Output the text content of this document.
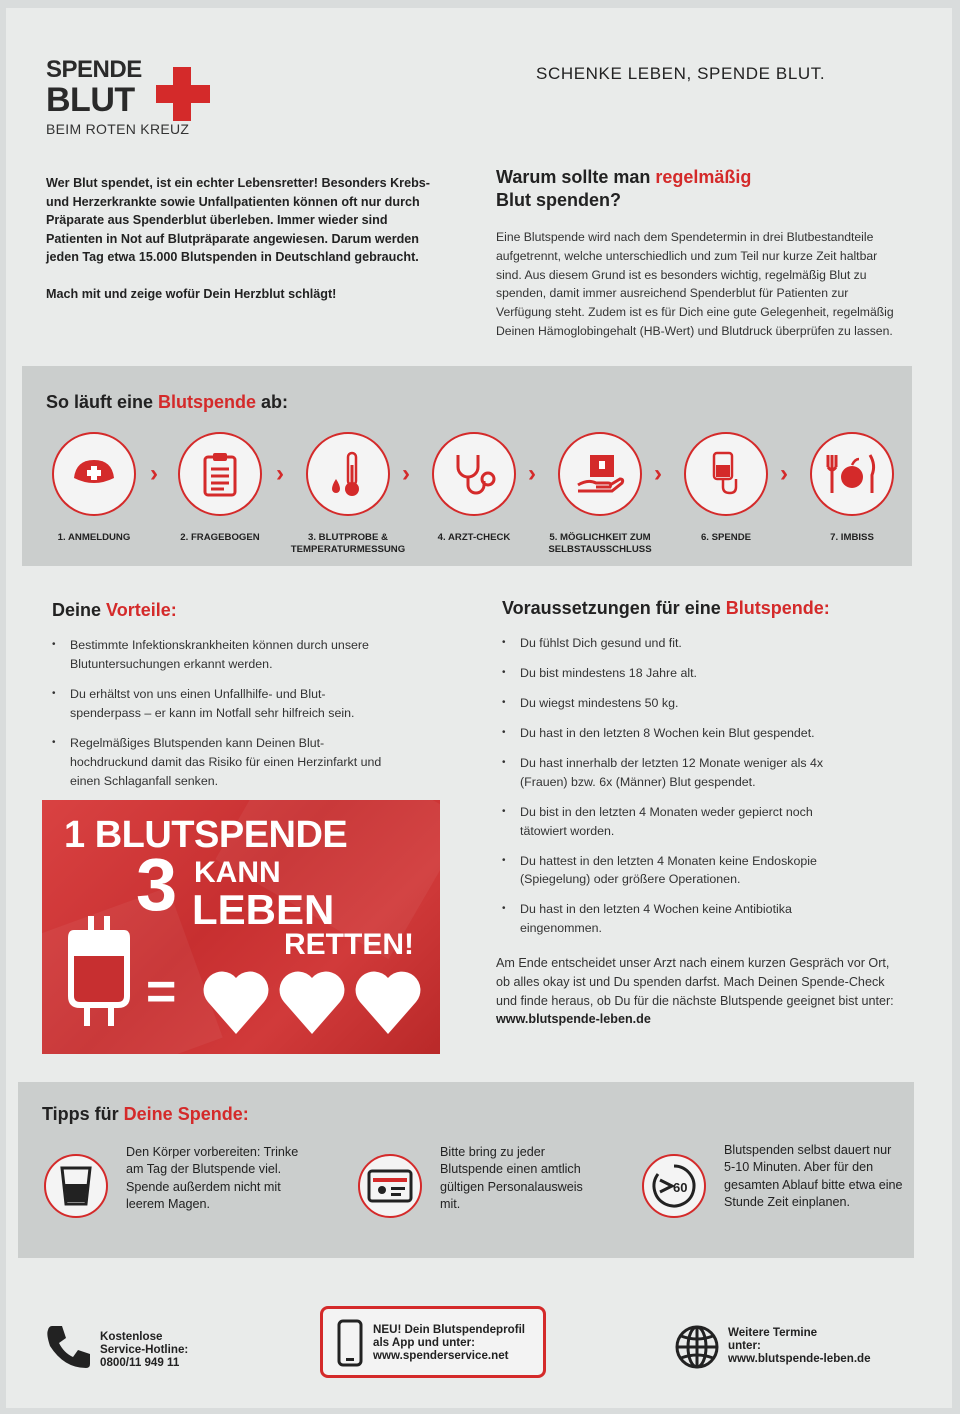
SPENDE
BLUT
BEIM ROTEN KREUZ
SCHENKE LEBEN, SPENDE BLUT.

Wer Blut spendet, ist ein echter Lebensretter! Besonders Krebs- und Herzerkrankte sowie Unfallpatienten können oft nur durch Präparate aus Spenderblut überleben. Immer wieder sind Patienten in Not auf Blutpräparate angewiesen. Darum werden jeden Tag etwa 15.000 Blutspenden in Deutschland gebraucht.

Mach mit und zeige wofür Dein Herzblut schlägt!

Warum sollte man regelmäßig
Blut spenden?
Eine Blutspende wird nach dem Spendetermin in drei Blutbestandteile aufgetrennt, welche unterschiedlich und zum Teil nur kurze Zeit haltbar sind. Aus diesem Grund ist es besonders wichtig, regelmäßig Blut zu spenden, damit immer ausreichend Spenderblut für Patienten zur Verfügung steht. Zudem ist es für Dich eine gute Gelegenheit, regelmäßig Deinen Hämoglobingehalt (HB-Wert) und Blutdruck überprüfen zu lassen.
So läuft eine Blutspende ab:
1. ANMELDUNG
›
2. FRAGEBOGEN
›
3. BLUTPROBE & TEMPERATURMESSUNG
›
4. ARZT-CHECK
›
5. MÖGLICHKEIT ZUM SELBSTAUSSCHLUSS
›
6. SPENDE
›
7. IMBISS
Deine Vorteile:
• Bestimmte Infektionskrankheiten können durch unsere Blutuntersuchungen erkannt werden.
• Du erhältst von uns einen Unfallhilfe- und Blutspenderpass – er kann im Notfall sehr hilfreich sein.
• Regelmäßiges Blutspenden kann Deinen Bluthochdruckund damit das Risiko für einen Herzinfarkt und einen Schlaganfall senken.
Voraussetzungen für eine Blutspende:
• Du fühlst Dich gesund und fit.
• Du bist mindestens 18 Jahre alt.
• Du wiegst mindestens 50 kg.
• Du hast in den letzten 8 Wochen kein Blut gespendet.
• Du hast innerhalb der letzten 12 Monate weniger als 4x (Frauen) bzw. 6x (Männer) Blut gespendet.
• Du bist in den letzten 4 Monaten weder gepierct noch tätowiert worden.
• Du hattest in den letzten 4 Monaten keine Endoskopie (Spiegelung) oder größere Operationen.
• Du hast in den letzten 4 Wochen keine Antibiotika eingenommen.
Am Ende entscheidet unser Arzt nach einem kurzen Gespräch vor Ort, ob alles okay ist und Du spenden darfst. Mach Deinen Spende-Check und finde heraus, ob Du für die nächste Blutspende geeignet bist unter: www.blutspende-leben.de
1 BLUTSPENDE
3 KANN
LEBEN
RETTEN!
=
Tipps für Deine Spende:
Den Körper vorbereiten: Trinke am Tag der Blutspende viel. Spende außerdem nicht mit leerem Magen.
Bitte bring zu jeder Blutspende einen amtlich gültigen Personalausweis mit.
60
Blutspenden selbst dauert nur 5-10 Minuten. Aber für den gesamten Ablauf bitte etwa eine Stunde Zeit einplanen.
Kostenlose
Service-Hotline:
0800/11 949 11
NEU! Dein Blutspendeprofil
als App und unter:
www.spenderservice.net
Weitere Termine
unter:
www.blutspende-leben.de
